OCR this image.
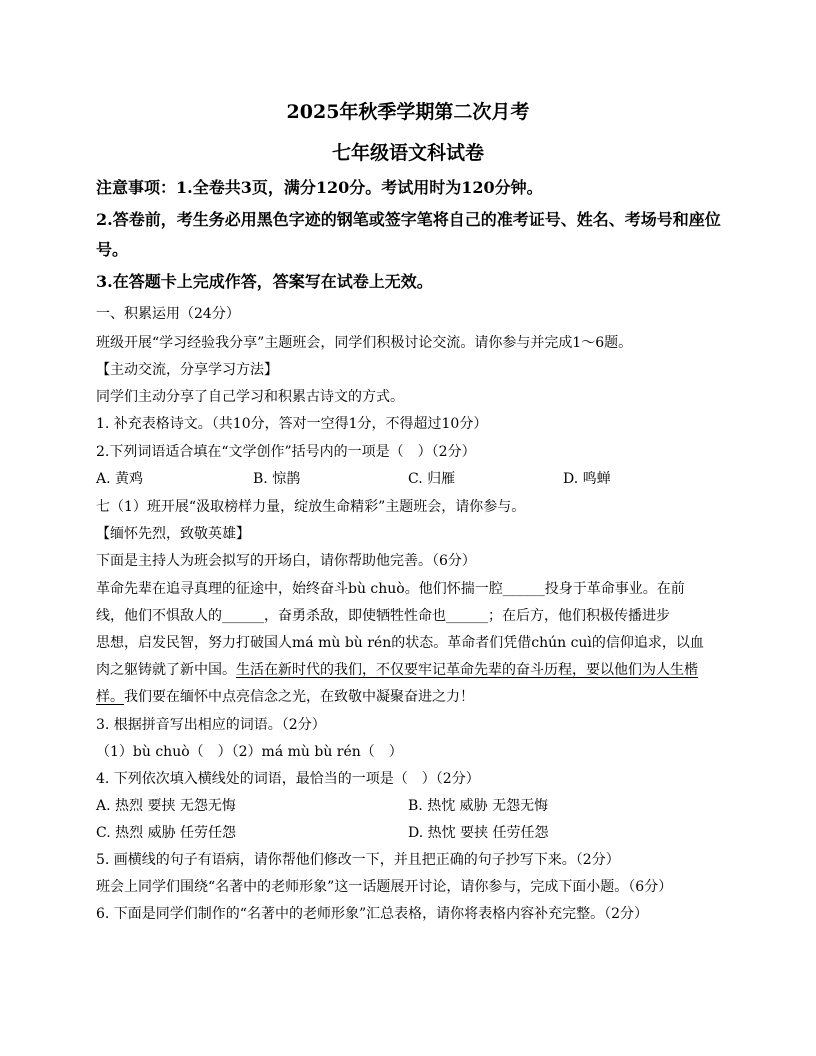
2025年秋季学期第二次月考
七年级语文科试卷
注意事项：1.全卷共3页，满分120分。考试用时为120分钟。
2.答卷前，考生务必用黑色字迹的钢笔或签字笔将自己的准考证号、姓名、考场号和座位
号。
3.在答题卡上完成作答，答案写在试卷上无效。
一、积累运用（24分）
班级开展“学习经验我分享”主题班会，同学们积极讨论交流。请你参与并完成1～6题。
【主动交流，分享学习方法】
同学们主动分享了自己学习和积累古诗文的方式。
1. 补充表格诗文。（共10分，答对一空得1分，不得超过10分）
2.下列词语适合填在“文学创作”括号内的一项是（　）（2分）
A. 黄鸡	B. 惊鹊	C. 归雁	D. 鸣蝉
七（1）班开展“汲取榜样力量，绽放生命精彩”主题班会，请你参与。
【缅怀先烈，致敬英雄】
下面是主持人为班会拟写的开场白，请你帮助他完善。（6分）
革命先辈在追寻真理的征途中，始终奋斗bù chuò。他们怀揣一腔______投身于革命事业。在前
线，他们不惧敌人的______，奋勇杀敌，即使牺牲性命也______；在后方，他们积极传播进步
思想，启发民智，努力打破国人má mù bù rén的状态。革命者们凭借chún cuì的信仰追求，以血
肉之躯铸就了新中国。生活在新时代的我们，不仅要牢记革命先辈的奋斗历程，要以他们为人生楷
样。我们要在缅怀中点亮信念之光，在致敬中凝聚奋进之力！
3. 根据拼音写出相应的词语。（2分）
（1）bù chuò（　）（2）má mù bù rén（　）
4. 下列依次填入横线处的词语，最恰当的一项是（　）（2分）
A. 热烈 要挟 无怨无悔	B. 热忱 威胁 无怨无悔
C. 热烈 威胁 任劳任怨	D. 热忱 要挟 任劳任怨
5. 画横线的句子有语病，请你帮他们修改一下，并且把正确的句子抄写下来。（2分）
班会上同学们围绕“名著中的老师形象”这一话题展开讨论，请你参与，完成下面小题。（6分）
6. 下面是同学们制作的“名著中的老师形象”汇总表格，请你将表格内容补充完整。（2分）
